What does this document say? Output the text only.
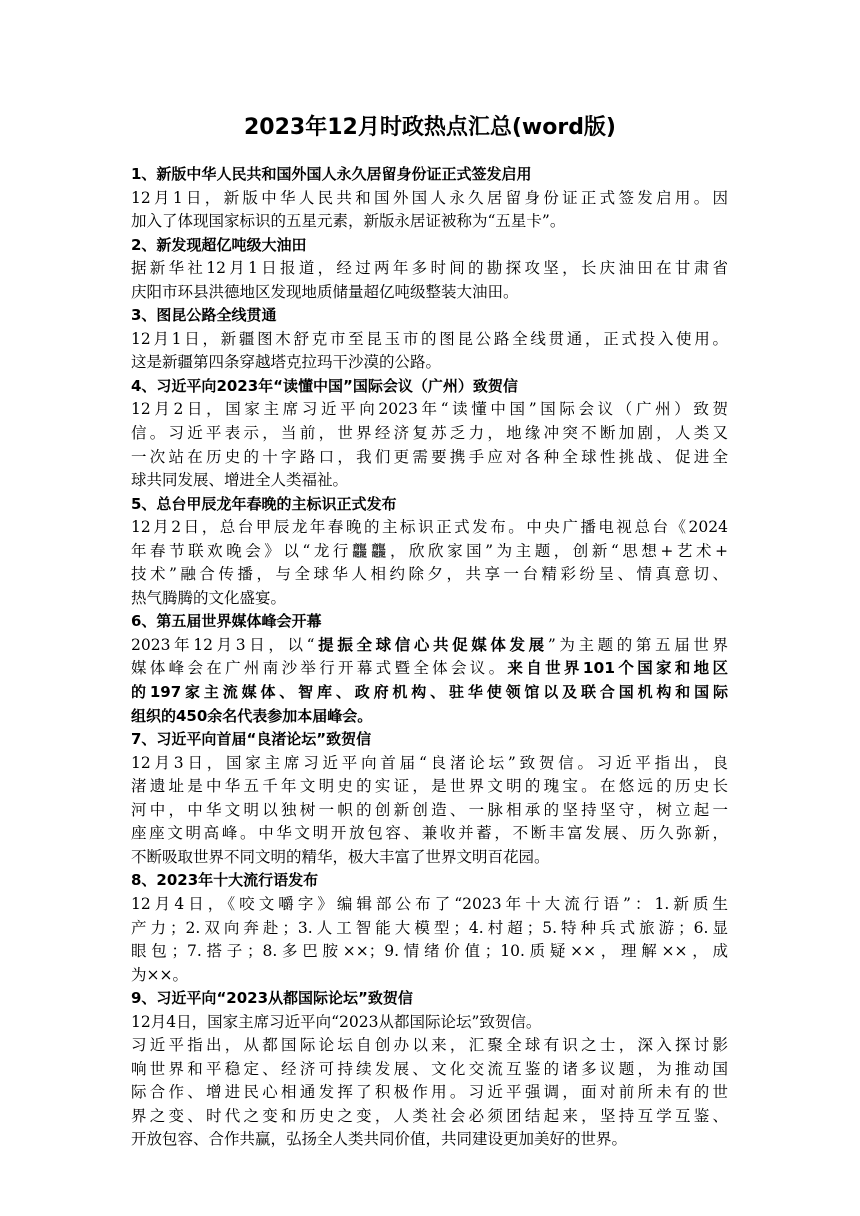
2023年12月时政热点汇总(word版)
1、新版中华人民共和国外国人永久居留身份证正式签发启用
12月1日，新版中华人民共和国外国人永久居留身份证正式签发启用。因
加入了体现国家标识的五星元素，新版永居证被称为“五星卡”。
2、新发现超亿吨级大油田
据新华社12月1日报道，经过两年多时间的勘探攻坚，长庆油田在甘肃省
庆阳市环县洪德地区发现地质储量超亿吨级整装大油田。
3、图昆公路全线贯通
12月1日，新疆图木舒克市至昆玉市的图昆公路全线贯通，正式投入使用。
这是新疆第四条穿越塔克拉玛干沙漠的公路。
4、习近平向2023年“读懂中国”国际会议（广州）致贺信
12月2日，国家主席习近平向2023年“读懂中国”国际会议（广州）致贺
信。习近平表示，当前，世界经济复苏乏力，地缘冲突不断加剧，人类又
一次站在历史的十字路口，我们更需要携手应对各种全球性挑战、促进全
球共同发展、增进全人类福祉。
5、总台甲辰龙年春晚的主标识正式发布
12月2日，总台甲辰龙年春晚的主标识正式发布。中央广播电视总台《2024
年春节联欢晚会》以“龙行龘龘，欣欣家国”为主题，创新“思想+艺术+
技术”融合传播，与全球华人相约除夕，共享一台精彩纷呈、情真意切、
热气腾腾的文化盛宴。
6、第五届世界媒体峰会开幕
2023年12月3日，以“提振全球信心共促媒体发展”为主题的第五届世界
媒体峰会在广州南沙举行开幕式暨全体会议。来自世界101个国家和地区
的197家主流媒体、智库、政府机构、驻华使领馆以及联合国机构和国际
组织的450余名代表参加本届峰会。
7、习近平向首届“良渚论坛”致贺信
12月3日，国家主席习近平向首届“良渚论坛”致贺信。习近平指出，良
渚遗址是中华五千年文明史的实证，是世界文明的瑰宝。在悠远的历史长
河中，中华文明以独树一帜的创新创造、一脉相承的坚持坚守，树立起一
座座文明高峰。中华文明开放包容、兼收并蓄，不断丰富发展、历久弥新，
不断吸取世界不同文明的精华，极大丰富了世界文明百花园。
8、2023年十大流行语发布
12月4日，《咬文嚼字》编辑部公布了“2023年十大流行语”：1.新质生
产力；2.双向奔赴；3.人工智能大模型；4.村超；5.特种兵式旅游；6.显
眼包；7.搭子；8.多巴胺××；9.情绪价值；10.质疑××，理解××，成
为××。
9、习近平向“2023从都国际论坛”致贺信
12月4日，国家主席习近平向“2023从都国际论坛”致贺信。
习近平指出，从都国际论坛自创办以来，汇聚全球有识之士，深入探讨影
响世界和平稳定、经济可持续发展、文化交流互鉴的诸多议题，为推动国
际合作、增进民心相通发挥了积极作用。习近平强调，面对前所未有的世
界之变、时代之变和历史之变，人类社会必须团结起来，坚持互学互鉴、
开放包容、合作共赢，弘扬全人类共同价值，共同建设更加美好的世界。
